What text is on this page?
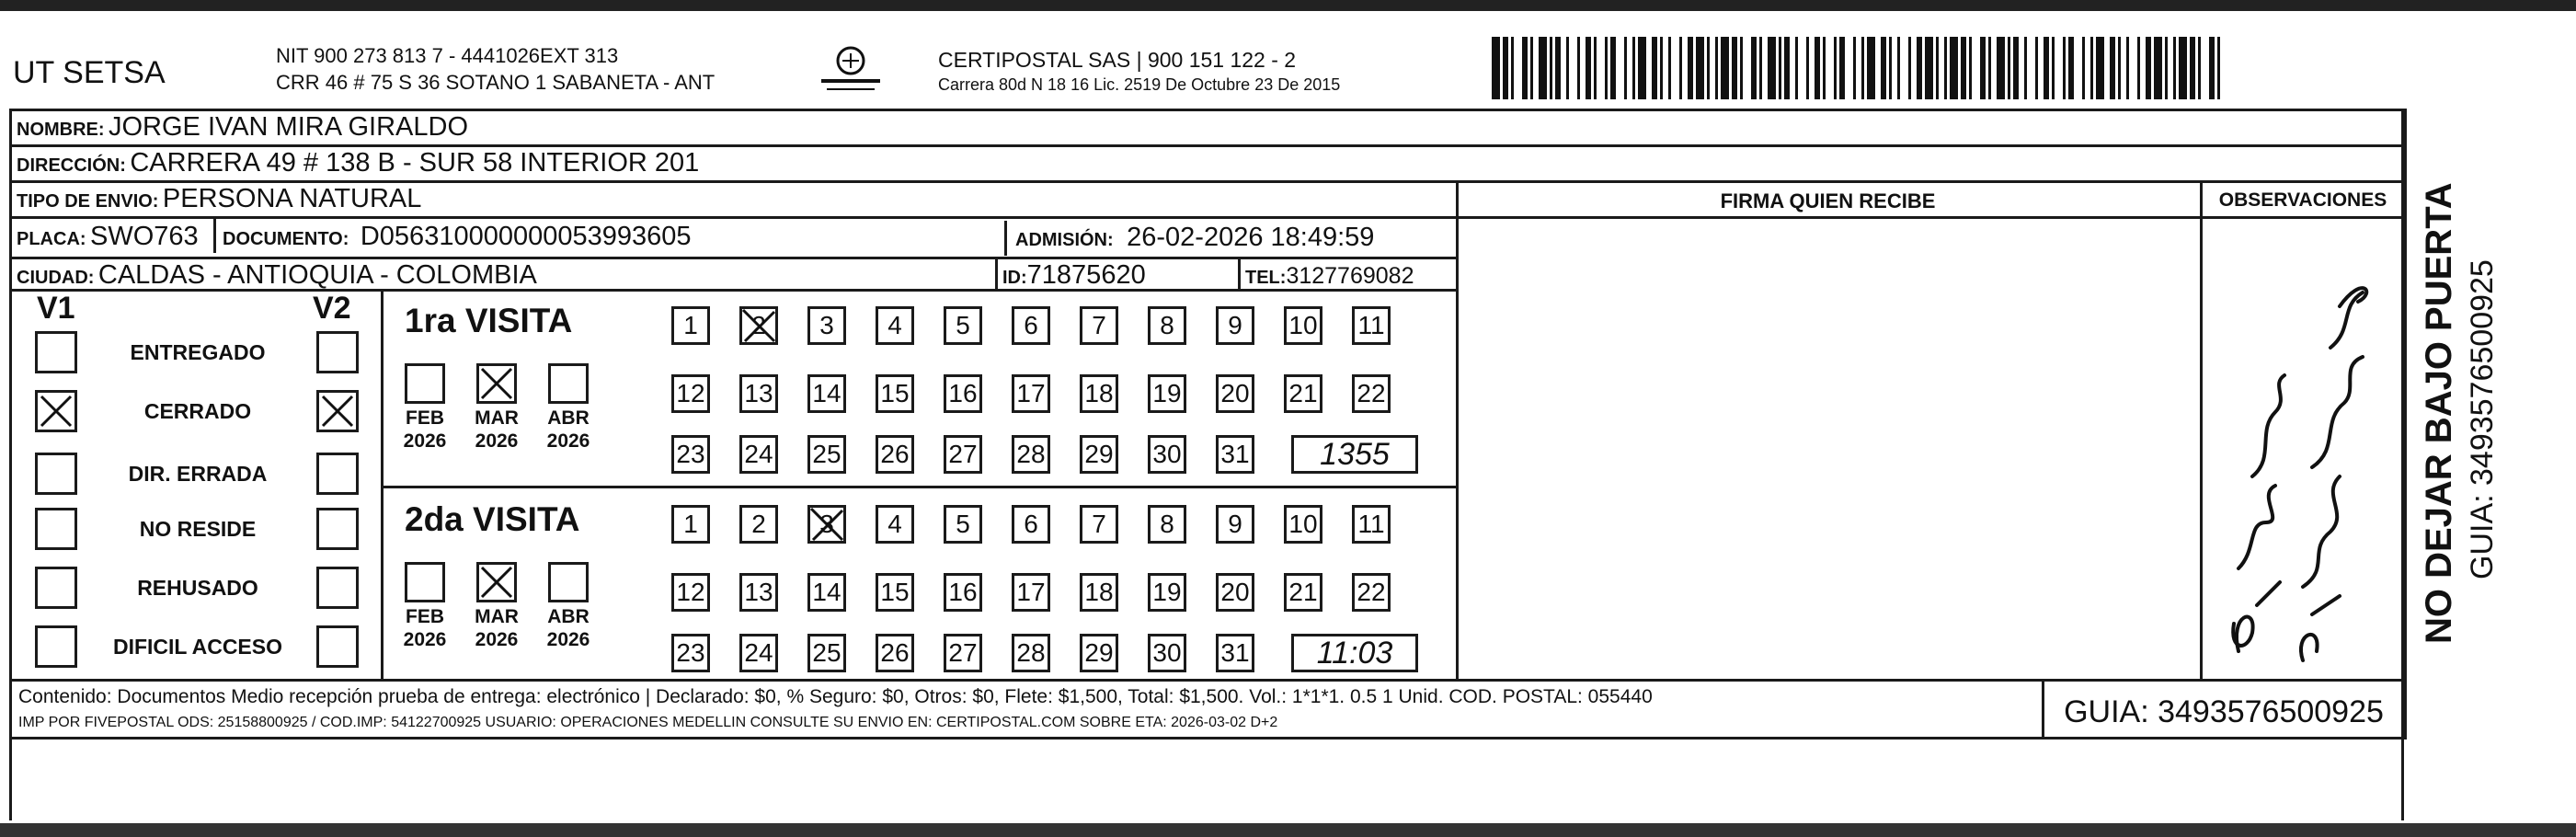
UT SETSA	NIT 900 273 813 7 - 4441026EXT 313
CRR 46 # 75 S 36 SOTANO 1 SABANETA - ANT
CERTIPOSTAL SAS | 900 151 122 - 2
Carrera 80d N 18 16 Lic. 2519 De Octubre 23 De 2015
NOMBRE: JORGE IVAN MIRA GIRALDO
DIRECCIÓN: CARRERA 49 # 138 B - SUR 58 INTERIOR 201
TIPO DE ENVIO: PERSONA NATURAL
PLACA: SWO763 DOCUMENTO: D056310000000053993605	ADMISIÓN: 26-02-2026 18:49:59
CIUDAD: CALDAS - ANTIOQUIA - COLOMBIA	ID:71875620	TEL:3127769082
FIRMA QUIEN RECIBE	OBSERVACIONES
V1	V2
ENTREGADO
CERRADO
DIR. ERRADA
NO RESIDE
REHUSADO
DIFICIL ACCESO
1ra VISITA
FEB
2026
MAR
2026
ABR
2026
1	2	3	4	5	6	7	8	9	10 11
12 13 14 15 16 17 18 19 20 21 22
23 24 25 26 27 28 29 30 31	1355
2da VISITA
FEB
2026
MAR
2026
ABR
2026
1	2	3	4	5	6	7	8	9	10 11
12 13 14 15 16 17 18 19 20 21 22
23 24 25 26 27 28 29 30 31	11:03
NO DEJAR BAJO PUERTA GUIA: 3493576500925
Contenido: Documentos Medio recepción prueba de entrega: electrónico | Declarado: $0, % Seguro: $0, Otros: $0, Flete: $1,500, Total: $1,500. Vol.: 1*1*1. 0.5 1 Unid. COD. POSTAL: 055440
IMP POR FIVEPOSTAL ODS: 25158800925 / COD.IMP: 54122700925 USUARIO: OPERACIONES MEDELLIN CONSULTE SU ENVIO EN: CERTIPOSTAL.COM SOBRE ETA: 2026-03-02 D+2	GUIA: 3493576500925
